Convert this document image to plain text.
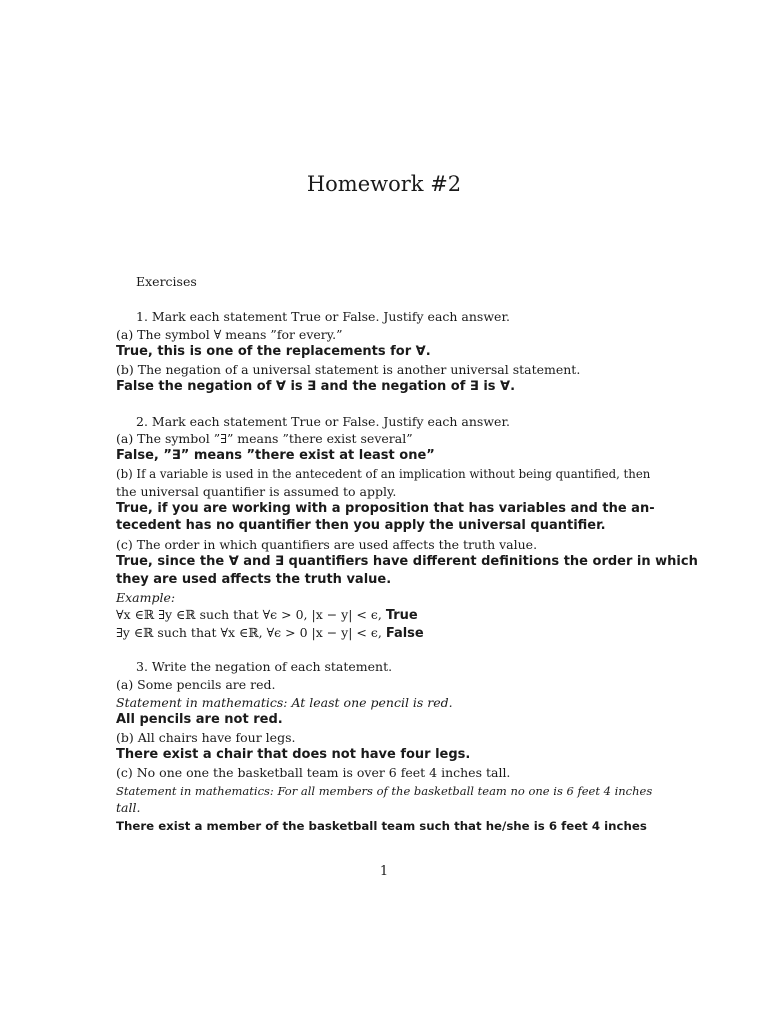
Homework #2
Exercises
1. Mark each statement True or False. Justify each answer.
(a) The symbol ∀ means ”for every.”
True, this is one of the replacements for ∀.
(b) The negation of a universal statement is another universal statement.
False the negation of ∀ is ∃ and the negation of ∃ is ∀.
2. Mark each statement True or False. Justify each answer.
(a) The symbol ”∃” means ”there exist several”
False, ”∃” means ”there exist at least one”
(b) If a variable is used in the antecedent of an implication without being quantified, then
the universal quantifier is assumed to apply.
True, if you are working with a proposition that has variables and the an-
tecedent has no quantifier then you apply the universal quantifier.
(c) The order in which quantifiers are used affects the truth value.
True, since the ∀ and ∃ quantifiers have different definitions the order in which
they are used affects the truth value.
Example:
∀x ∈ℝ ∃y ∈ℝ such that ∀ϵ > 0, |x − y| < ϵ, True
∃y ∈ℝ such that ∀x ∈ℝ, ∀ϵ > 0 |x − y| < ϵ, False
3. Write the negation of each statement.
(a) Some pencils are red.
Statement in mathematics: At least one pencil is red.
All pencils are not red.
(b) All chairs have four legs.
There exist a chair that does not have four legs.
(c) No one one the basketball team is over 6 feet 4 inches tall.
Statement in mathematics: For all members of the basketball team no one is 6 feet 4 inches
tall.
There exist a member of the basketball team such that he/she is 6 feet 4 inches
1
